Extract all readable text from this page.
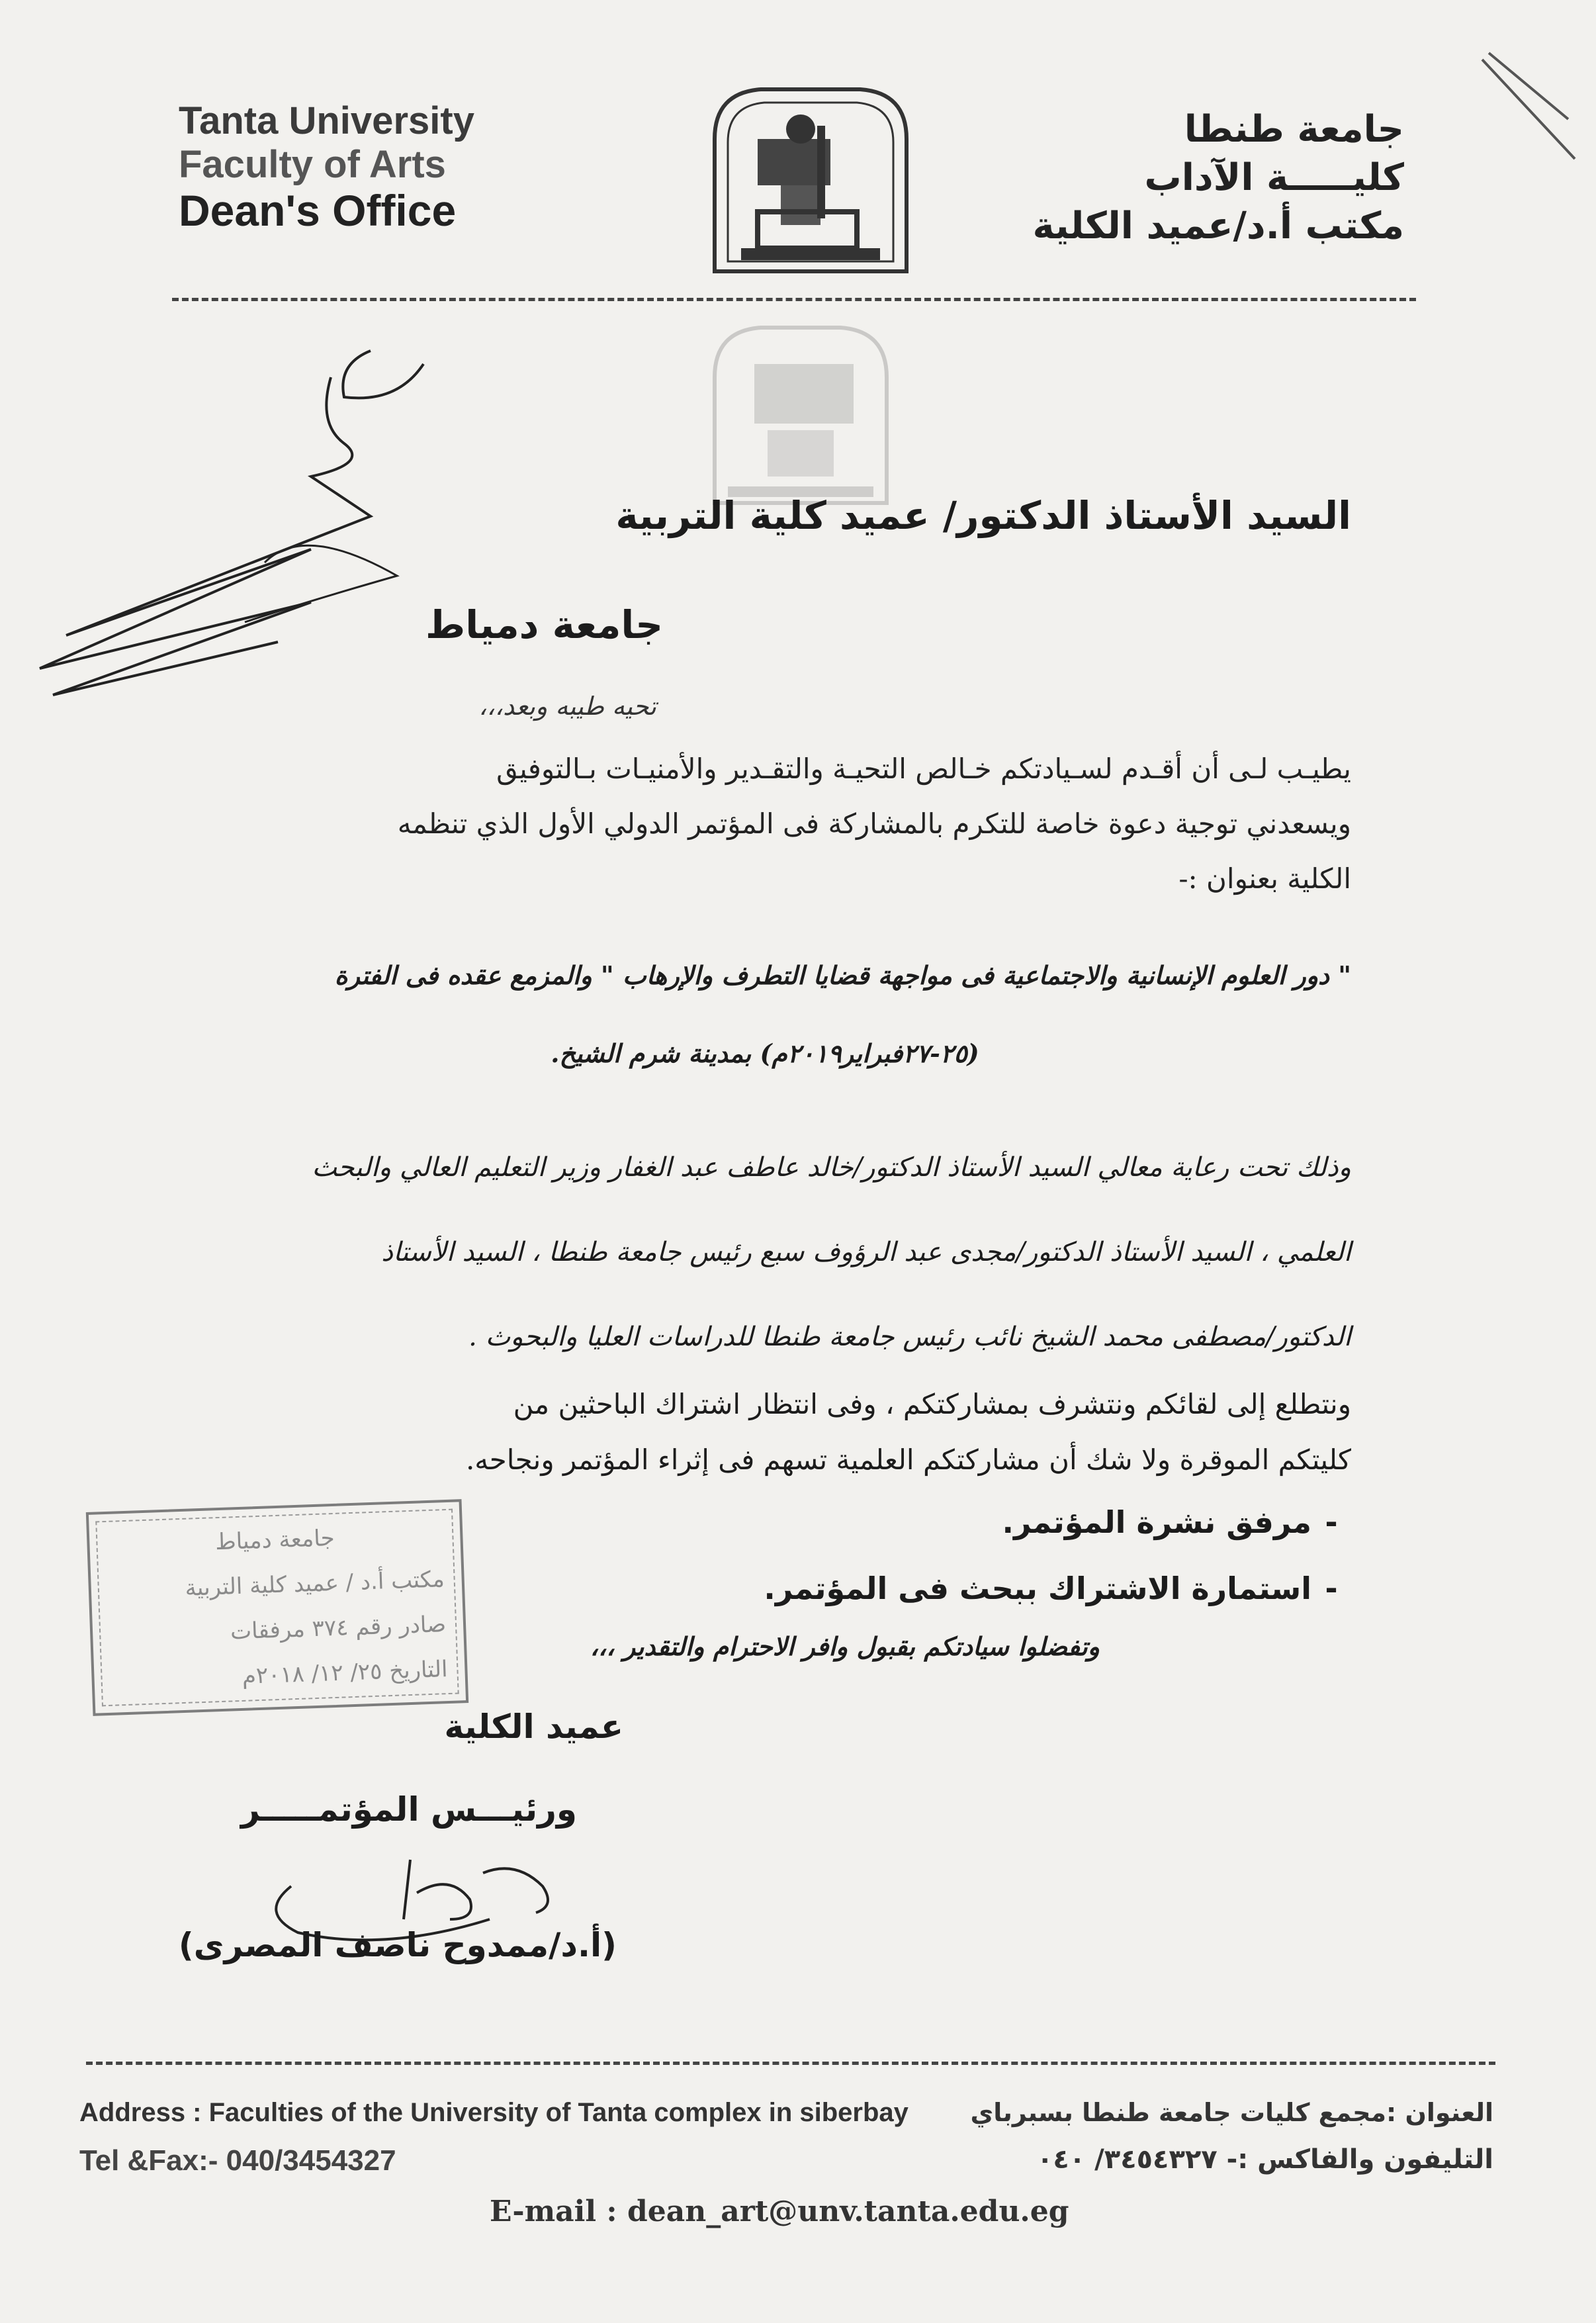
Tanta University
Faculty of Arts
Dean's Office
جامعة طنطا
كليـــــة الآداب
مكتب أ.د/عميد الكلية
السيد الأستاذ الدكتور/ عميد كلية التربية
جامعة دمياط
تحيه طيبه وبعد،،،
يطيـب لـى أن أقـدم لسـيادتكم خـالص التحيـة والتقـدير والأمنيـات بـالتوفيق
ويسعدني توجية دعوة خاصة للتكرم بالمشاركة فى المؤتمر الدولي الأول الذي تنظمه
الكلية بعنوان :-
" دور العلوم الإنسانية والاجتماعية فى مواجهة قضايا التطرف والإرهاب " والمزمع عقده فى الفترة
(٢٥-٢٧فبراير٢٠١٩م) بمدينة شرم الشيخ.
وذلك تحت رعاية معالي السيد الأستاذ الدكتور/خالد عاطف عبد الغفار وزير التعليم العالي والبحث
العلمي ، السيد الأستاذ الدكتور/مجدى عبد الرؤوف سبع رئيس جامعة طنطا ، السيد الأستاذ
الدكتور/مصطفى محمد الشيخ نائب رئيس جامعة طنطا للدراسات العليا والبحوث .
ونتطلع إلى لقائكم ونتشرف بمشاركتكم ، وفى انتظار اشتراك الباحثين من
كليتكم الموقرة ولا شك أن مشاركتكم العلمية تسهم فى إثراء المؤتمر ونجاحه.
-مرفق نشرة المؤتمر.
-استمارة الاشتراك ببحث فى المؤتمر.
جامعة دمياط
مكتب أ.د / عميد كلية التربية
صادر رقم ٣٧٤ مرفقات
التاريخ ٢٥/ ١٢/ ٢٠١٨م
وتفضلوا سيادتكم بقبول وافر الاحترام والتقدير ،،،
عميد الكلية
ورئيـــس المؤتمـــــر
(أ.د/ممدوح ناصف المصرى)
Address : Faculties of the University of Tanta complex in siberbay
Tel &Fax:- 040/3454327
العنوان :مجمع كليات جامعة طنطا بسبرباي
التليفون والفاكس :- ٣٤٥٤٣٢٧/ ٠٤٠
E-mail : dean_art@unv.tanta.edu.eg
